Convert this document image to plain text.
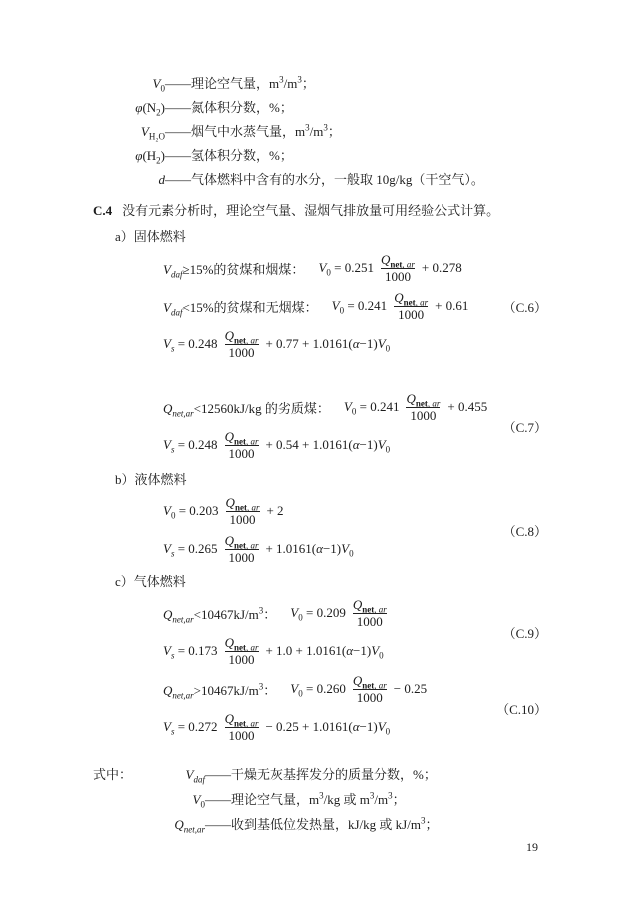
$V_0$ ——理论空气量，$m^3/m^3$；
$\varphi(N_2)$ ——氮体积分数，%；
$V_{H_2O}$ ——烟气中水蒸气量，$m^3/m^3$；
$\varphi(H_2)$ ——氢体积分数，%；
d ——气体燃料中含有的水分，一般取 10g/kg（干空气）。

C.4 没有元素分析时，理论空气量、湿烟气排放量可用经验公式计算。

a）固体燃料

$V_{daf}\ge 15\%$的贫煤和烟煤： $V_0 = 0.251 \frac{Q_{net, ar}}{1000} + 0.278$
$V_{daf}<15\%$的贫煤和无烟煤： $V_0 = 0.241 \frac{Q_{net, ar}}{1000} + 0.61$
$V_s = 0.248 \frac{Q_{net, ar}}{1000} + 0.77 + 1.0161(\alpha-1)V_0$
（C.6）
$Q_{net,ar}<12560kJ/kg$ 的劣质煤： $V_0 = 0.241 \frac{Q_{net, ar}}{1000} + 0.455$
$V_s = 0.248 \frac{Q_{net, ar}}{1000} + 0.54 + 1.0161(\alpha-1)V_0$
（C.7）

b）液体燃料

$V_0 = 0.203 \frac{Q_{net, ar}}{1000} + 2$
$V_s = 0.265 \frac{Q_{net, ar}}{1000} + 1.0161(\alpha-1)V_0$
（C.8）

c）气体燃料

$Q_{net,ar}<10467kJ/m^3$： $V_0 = 0.209 \frac{Q_{net, ar}}{1000}$
$V_s = 0.173 \frac{Q_{net, ar}}{1000} + 1.0 + 1.0161(\alpha-1)V_0$
（C.9）
$Q_{net,ar}>10467kJ/m^3$： $V_0 = 0.260 \frac{Q_{net, ar}}{1000} - 0.25$
$V_s = 0.272 \frac{Q_{net, ar}}{1000} - 0.25 + 1.0161(\alpha-1)V_0$
（C.10）
式中：	$V_{daf}$ ——干燥无灰基挥发分的质量分数，%；
$V_0$ ——理论空气量，$m^3/kg$ 或 $m^3/m^3$；
$Q_{net,ar}$ ——收到基低位发热量，kJ/kg 或 $kJ/m^3$；
19
